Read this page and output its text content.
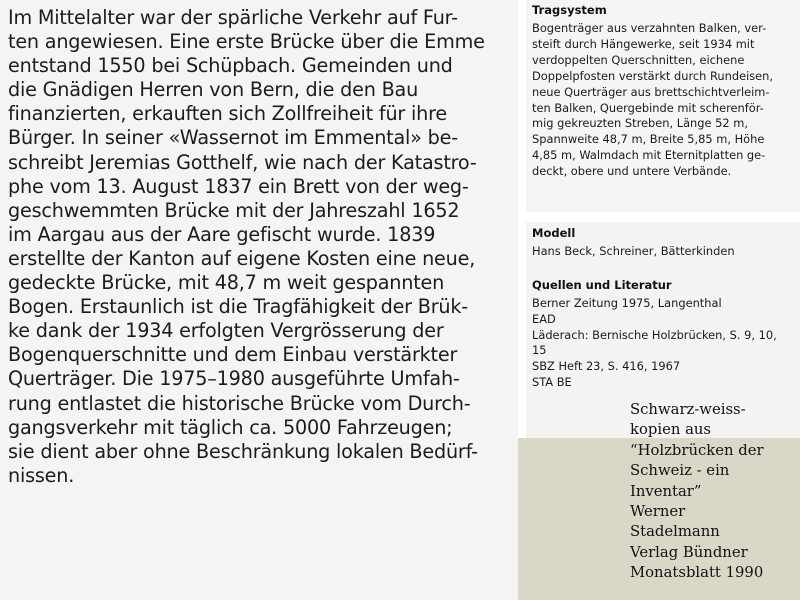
Im Mittelalter war der spärliche Verkehr auf Fur-
ten angewiesen. Eine erste Brücke über die Emme
entstand 1550 bei Schüpbach. Gemeinden und
die Gnädigen Herren von Bern, die den Bau
finanzierten, erkauften sich Zollfreiheit für ihre
Bürger. In seiner «Wassernot im Emmental» be-
schreibt Jeremias Gotthelf, wie nach der Katastro-
phe vom 13. August 1837 ein Brett von der weg-
geschwemmten Brücke mit der Jahreszahl 1652
im Aargau aus der Aare gefischt wurde. 1839
erstellte der Kanton auf eigene Kosten eine neue,
gedeckte Brücke, mit 48,7 m weit gespannten
Bogen. Erstaunlich ist die Tragfähigkeit der Brük-
ke dank der 1934 erfolgten Vergrösserung der
Bogenquerschnitte und dem Einbau verstärkter
Querträger. Die 1975–1980 ausgeführte Umfah-
rung entlastet die historische Brücke vom Durch-
gangsverkehr mit täglich ca. 5000 Fahrzeugen;
sie dient aber ohne Beschränkung lokalen Bedürf-
nissen.

Tragsystem
Bogenträger aus verzahnten Balken, ver-
steift durch Hängewerke, seit 1934 mit
verdoppelten Querschnitten, eichene
Doppelpfosten verstärkt durch Rundeisen,
neue Querträger aus brettschichtverleim-
ten Balken, Quergebinde mit scherenför-
mig gekreuzten Streben, Länge 52 m,
Spannweite 48,7 m, Breite 5,85 m, Höhe
4,85 m, Walmdach mit Eternitplatten ge-
deckt, obere und untere Verbände.
Modell
Hans Beck, Schreiner, Bätterkinden
Quellen und Literatur
Berner Zeitung 1975, Langenthal
EAD
Läderach: Bernische Holzbrücken, S. 9, 10,
15
SBZ Heft 23, S. 416, 1967
STA BE
Schwarz-weiss-
kopien aus
“Holzbrücken der
Schweiz - ein
Inventar”
Werner
Stadelmann
Verlag Bündner
Monatsblatt 1990
